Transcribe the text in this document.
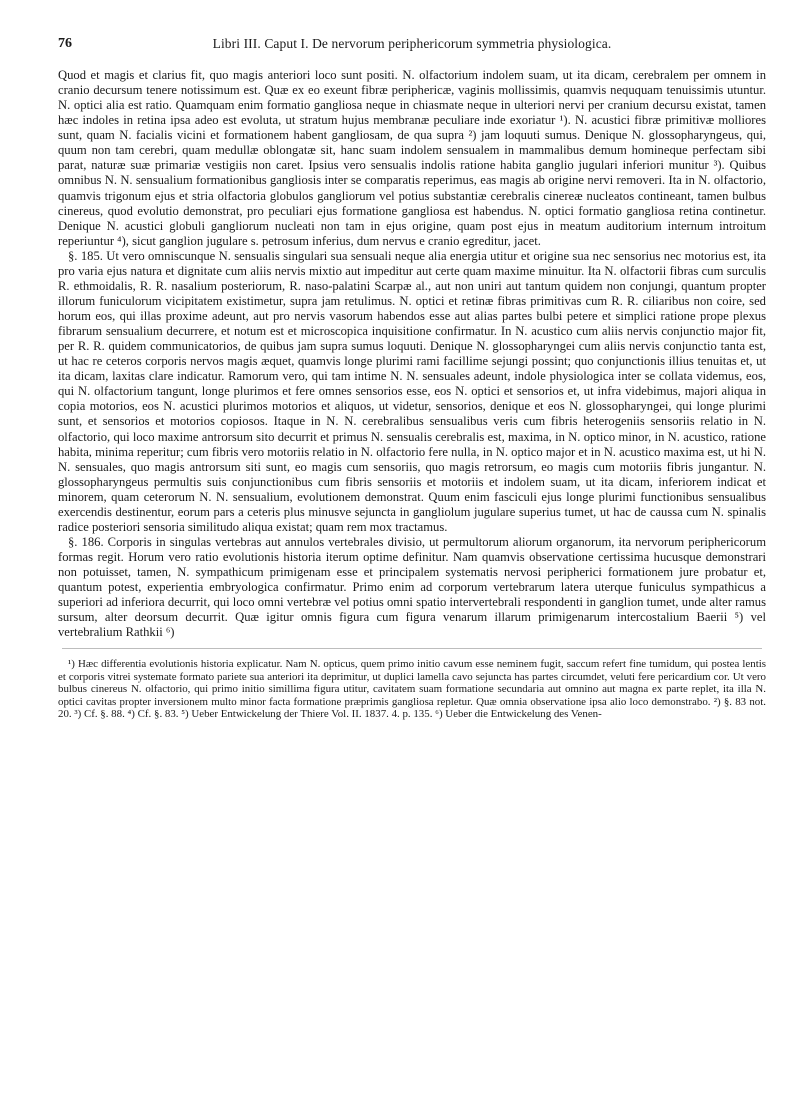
76	Libri III. Caput I. De nervorum periphericorum symmetria physiologica.

Quod et magis et clarius fit, quo magis anteriori loco sunt positi. N. olfactorium indolem suam, ut ita dicam, cerebralem per omnem in cranio decursum tenere notissimum est. Quæ ex eo exeunt fibræ periphericæ, vaginis mollissimis, quamvis neququam tenuissimis utuntur. N. optici alia est ratio. Quamquam enim formatio gangliosa neque in chiasmate neque in ulteriori nervi per cranium decursu existat, tamen hæc indoles in retina ipsa adeo est evoluta, ut stratum hujus membranæ peculiare inde exoriatur ¹). N. acustici fibræ primitivæ molliores sunt, quam N. facialis vicini et formationem habent gangliosam, de qua supra ²) jam loquuti sumus. Denique N. glossopharyngeus, qui, quum non tam cerebri, quam medullæ oblongatæ sit, hanc suam indolem sensualem in mammalibus demum homineque perfectam sibi parat, naturæ suæ primariæ vestigiis non caret. Ipsius vero sensualis indolis ratione habita ganglio jugulari inferiori munitur ³). Quibus omnibus N. N. sensualium formationibus gangliosis inter se comparatis reperimus, eas magis ab origine nervi removeri. Ita in N. olfactorio, quamvis trigonum ejus et stria olfactoria globulos gangliorum vel potius substantiæ cerebralis cinereæ nucleatos contineant, tamen bulbus cinereus, quod evolutio demonstrat, pro peculiari ejus formatione gangliosa est habendus. N. optici formatio gangliosa retina continetur. Denique N. acustici globuli gangliorum nucleati non tam in ejus origine, quam post ejus in meatum auditorium internum introitum reperiuntur ⁴), sicut ganglion jugulare s. petrosum inferius, dum nervus e cranio egreditur, jacet.

§. 185. Ut vero omniscunque N. sensualis singulari sua sensuali neque alia energia utitur et origine sua nec sensorius nec motorius est, ita pro varia ejus natura et dignitate cum aliis nervis mixtio aut impeditur aut certe quam maxime minuitur. Ita N. olfactorii fibras cum surculis R. ethmoidalis, R. R. nasalium posteriorum, R. naso-palatini Scarpæ al., aut non uniri aut tantum quidem non conjungi, quantum propter illorum funiculorum vicipitatem existimetur, supra jam retulimus. N. optici et retinæ fibras primitivas cum R. R. ciliaribus non coire, sed horum eos, qui illas proxime adeunt, aut pro nervis vasorum habendos esse aut alias partes bulbi petere et simplici ratione prope plexus fibrarum sensualium decurrere, et notum est et microscopica inquisitione confirmatur. In N. acustico cum aliis nervis conjunctio major fit, per R. R. quidem communicatorios, de quibus jam supra sumus loquuti. Denique N. glossopharyngei cum aliis nervis conjunctio tanta est, ut hac re ceteros corporis nervos magis æquet, quamvis longe plurimi rami facillime sejungi possint; quo conjunctionis illius tenuitas et, ut ita dicam, laxitas clare indicatur. Ramorum vero, qui tam intime N. N. sensuales adeunt, indole physiologica inter se collata videmus, eos, qui N. olfactorium tangunt, longe plurimos et fere omnes sensorios esse, eos N. optici et sensorios et, ut infra videbimus, majori aliqua in copia motorios, eos N. acustici plurimos motorios et aliquos, ut videtur, sensorios, denique et eos N. glossopharyngei, qui longe plurimi sunt, et sensorios et motorios copiosos. Itaque in N. N. cerebralibus sensualibus veris cum fibris heterogeniis sensoriis relatio in N. olfactorio, qui loco maxime antrorsum sito decurrit et primus N. sensualis cerebralis est, maxima, in N. optico minor, in N. acustico, ratione habita, minima reperitur; cum fibris vero motoriis relatio in N. olfactorio fere nulla, in N. optico major et in N. acustico maxima est, ut hi N. N. sensuales, quo magis antrorsum siti sunt, eo magis cum sensoriis, quo magis retrorsum, eo magis cum motoriis fibris jungantur. N. glossopharyngeus permultis suis conjunctionibus cum fibris sensoriis et motoriis et indolem suam, ut ita dicam, inferiorem indicat et minorem, quam ceterorum N. N. sensualium, evolutionem demonstrat. Quum enim fasciculi ejus longe plurimi functionibus sensualibus exercendis destinentur, eorum pars a ceteris plus minusve sejuncta in gangliolum jugulare superius tumet, ut hac de caussa cum N. spinalis radice posteriori sensoria similitudo aliqua existat; quam rem mox tractamus.

§. 186. Corporis in singulas vertebras aut annulos vertebrales divisio, ut permultorum aliorum organorum, ita nervorum periphericorum formas regit. Horum vero ratio evolutionis historia iterum optime definitur. Nam quamvis observatione certissima hucusque demonstrari non potuisset, tamen, N. sympathicum primigenam esse et principalem systematis nervosi peripherici formationem jure probatur et, quantum potest, experientia embryologica confirmatur. Primo enim ad corporum vertebrarum latera uterque funiculus sympathicus a superiori ad inferiora decurrit, qui loco omni vertebræ vel potius omni spatio intervertebrali respondenti in ganglion tumet, unde alter ramus sursum, alter deorsum decurrit. Quæ igitur omnis figura cum figura venarum illarum primigenarum intercostalium Baerii ⁵) vel vertebralium Rathkii ⁶)

¹) Hæc differentia evolutionis historia explicatur. Nam N. opticus, quem primo initio cavum esse neminem fugit, saccum refert fine tumidum, qui postea lentis et corporis vitrei systemate formato pariete sua anteriori ita deprimitur, ut duplici lamella cavo sejuncta has partes circumdet, veluti fere pericardium cor. Ut vero bulbus cinereus N. olfactorio, qui primo initio simillima figura utitur, cavitatem suam formatione secundaria aut omnino aut magna ex parte replet, ita illa N. optici cavitas propter inversionem multo minor facta formatione præprimis gangliosa repletur. Quæ omnia observatione ipsa alio loco demonstrabo. ²) §. 83 not. 20. ³) Cf. §. 88. ⁴) Cf. §. 83. ⁵) Ueber Entwickelung der Thiere Vol. II. 1837. 4. p. 135. ⁶) Ueber die Entwickelung des Venen-
